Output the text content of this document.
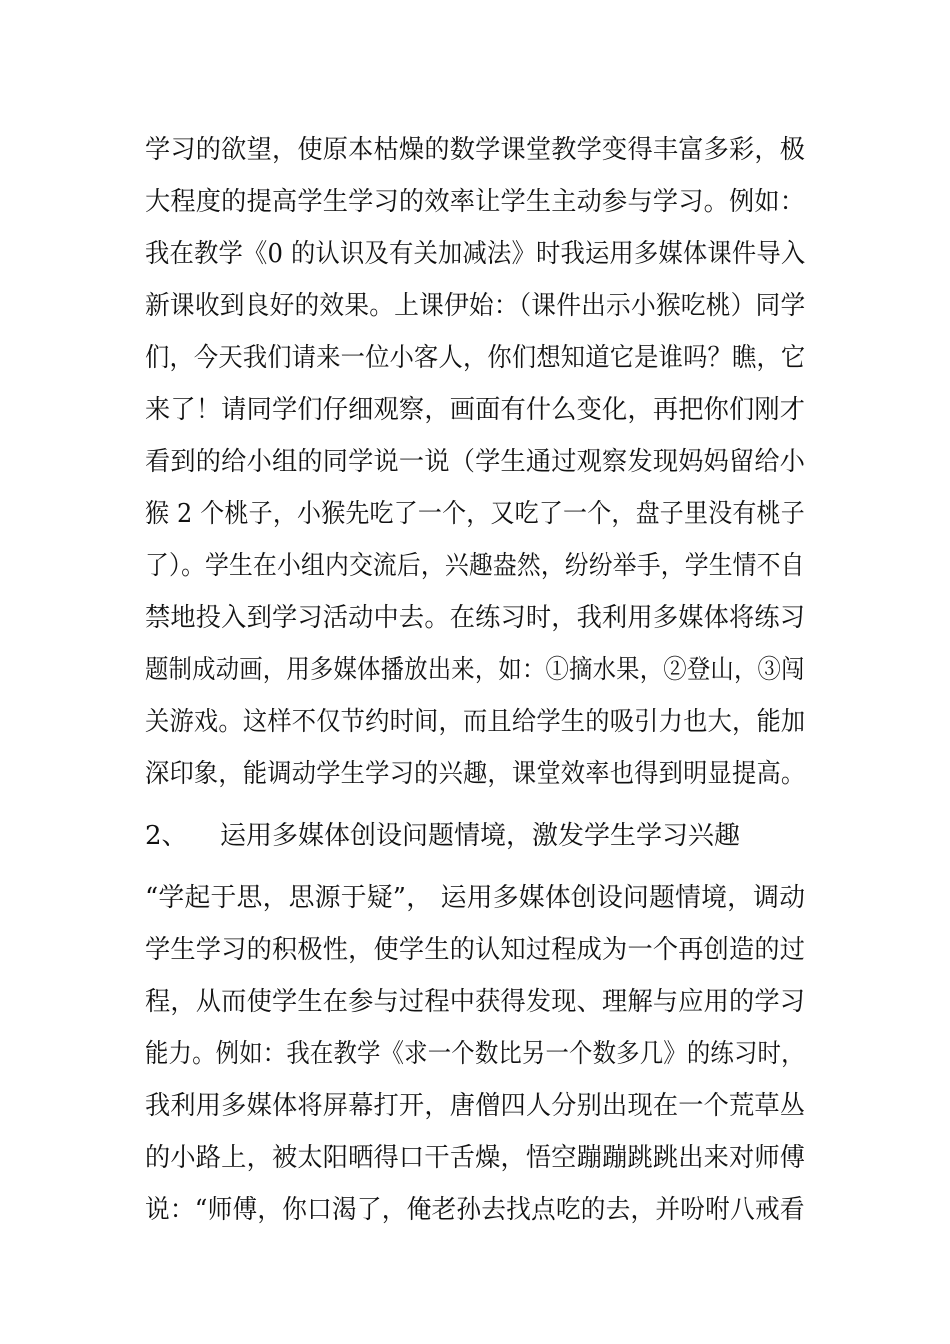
学习的欲望，使原本枯燥的数学课堂教学变得丰富多彩，极
大程度的提高学生学习的效率让学生主动参与学习。例如：
我在教学《0 的认识及有关加减法》时我运用多媒体课件导入
新课收到良好的效果。上课伊始：（课件出示小猴吃桃）同学
们，今天我们请来一位小客人，你们想知道它是谁吗？瞧，它
来了！请同学们仔细观察，画面有什么变化，再把你们刚才
看到的给小组的同学说一说（学生通过观察发现妈妈留给小
猴 2 个桃子，小猴先吃了一个，又吃了一个，盘子里没有桃子
了）。学生在小组内交流后，兴趣盎然，纷纷举手，学生情不自
禁地投入到学习活动中去。在练习时，我利用多媒体将练习
题制成动画，用多媒体播放出来，如：①摘水果，②登山，③闯
关游戏。这样不仅节约时间，而且给学生的吸引力也大，能加
深印象，能调动学生学习的兴趣，课堂效率也得到明显提高。
2、 运用多媒体创设问题情境，激发学生学习兴趣
“学起于思，思源于疑”， 运用多媒体创设问题情境，调动
学生学习的积极性，使学生的认知过程成为一个再创造的过
程，从而使学生在参与过程中获得发现、理解与应用的学习
能力。例如：我在教学《求一个数比另一个数多几》的练习时，
我利用多媒体将屏幕打开，唐僧四人分别出现在一个荒草丛
的小路上，被太阳晒得口干舌燥，悟空蹦蹦跳跳出来对师傅
说：“师傅，你口渴了，俺老孙去找点吃的去，并吩咐八戒看
